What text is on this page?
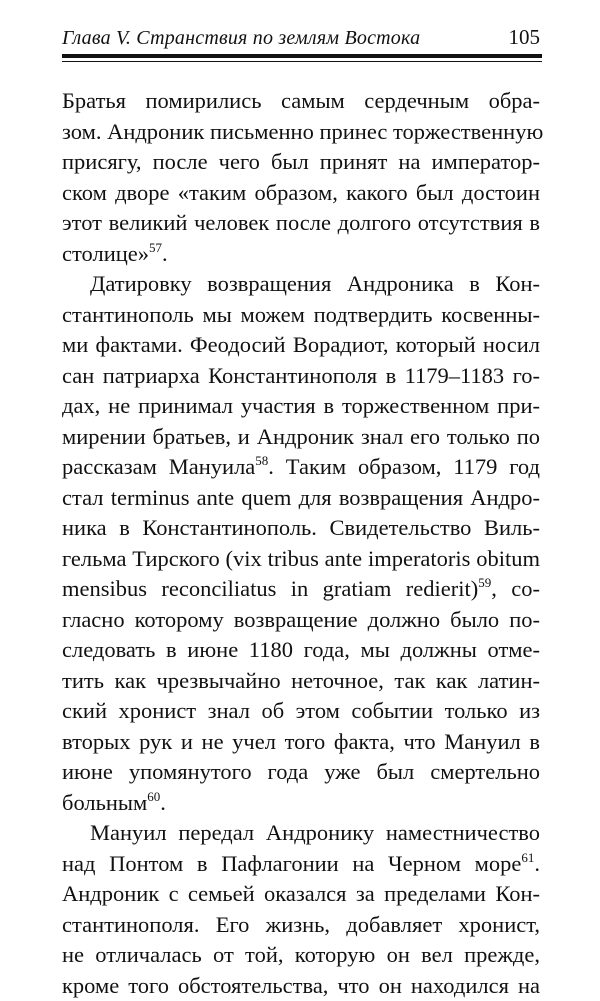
Глава V. Странствия по землям Востока	105
Братья помирились самым сердечным обра-
зом. Андроник письменно принес торжественную
присягу, после чего был принят на император-
ском дворе «таким образом, какого был достоин
этот великий человек после долгого отсутствия в
столице»$^{57}$.
Датировку возвращения Андроника в Кон-
стантинополь мы можем подтвердить косвенны-
ми фактами. Феодосий Ворадиот, который носил
сан патриарха Константинополя в 1179–1183 го-
дах, не принимал участия в торжественном при-
мирении братьев, и Андроник знал его только по
рассказам Мануила$^{58}$. Таким образом, 1179 год
стал terminus ante quem для возвращения Андро-
ника в Константинополь. Свидетельство Виль-
гельма Тирского (vix tribus ante imperatoris obitum
mensibus reconciliatus in gratiam redierit)$^{59}$, со-
гласно которому возвращение должно было по-
следовать в июне 1180 года, мы должны отме-
тить как чрезвычайно неточное, так как латин-
ский хронист знал об этом событии только из
вторых рук и не учел того факта, что Мануил в
июне упомянутого года уже был смертельно
больным$^{60}$.
Мануил передал Андронику наместничество
над Понтом в Пафлагонии на Черном море$^{61}$.
Андроник с семьей оказался за пределами Кон-
стантинополя. Его жизнь, добавляет хронист,
не отличалась от той, которую он вел прежде,
кроме того обстоятельства, что он находился на
